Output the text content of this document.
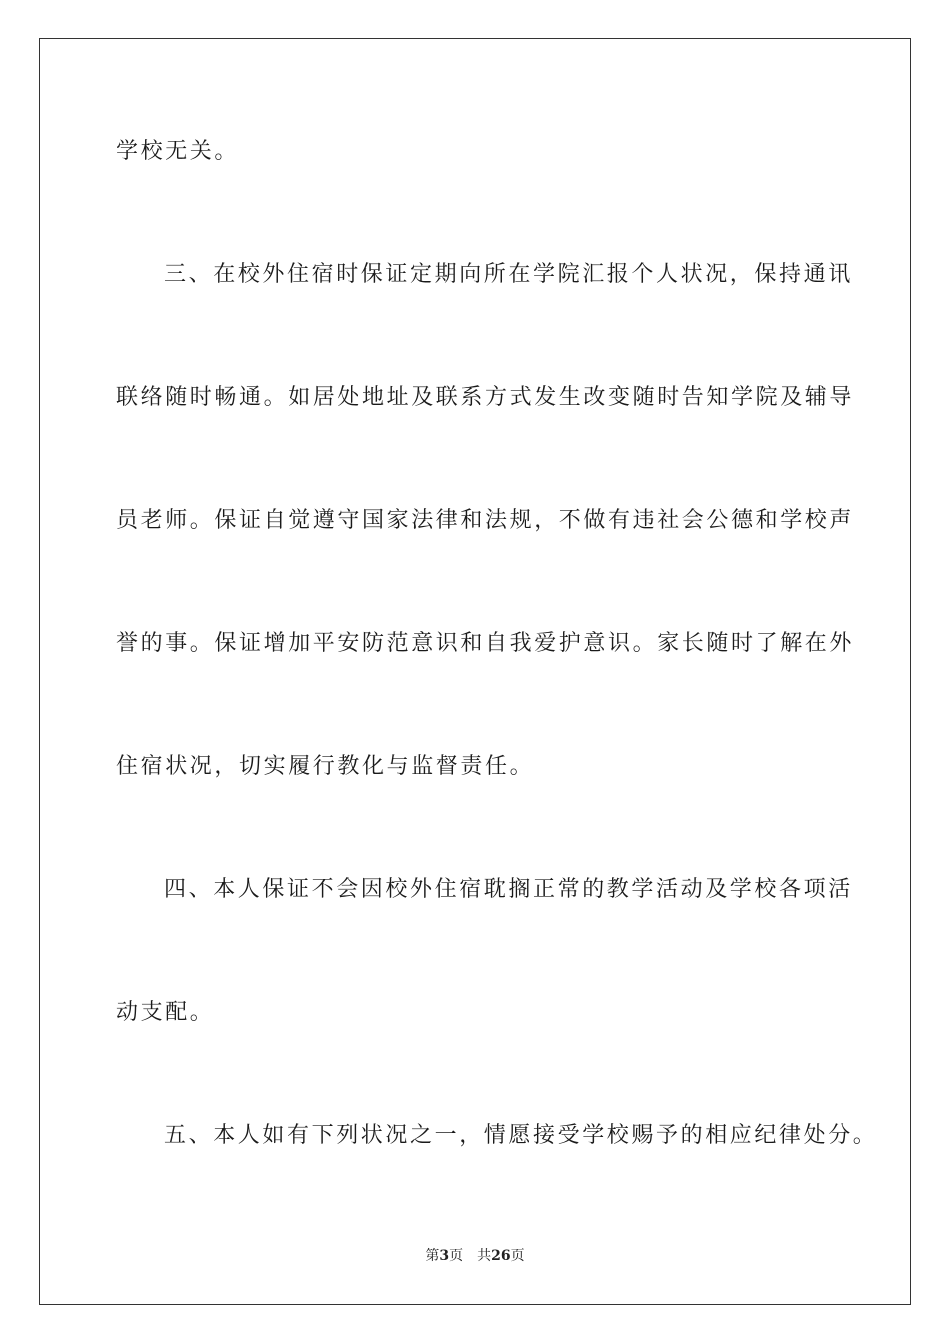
学校无关。
三、在校外住宿时保证定期向所在学院汇报个人状况，保持通讯
联络随时畅通。如居处地址及联系方式发生改变随时告知学院及辅导
员老师。保证自觉遵守国家法律和法规，不做有违社会公德和学校声
誉的事。保证增加平安防范意识和自我爱护意识。家长随时了解在外
住宿状况，切实履行教化与监督责任。
四、本人保证不会因校外住宿耽搁正常的教学活动及学校各项活
动支配。
五、本人如有下列状况之一，情愿接受学校赐予的相应纪律处分。
第3页 共26页
